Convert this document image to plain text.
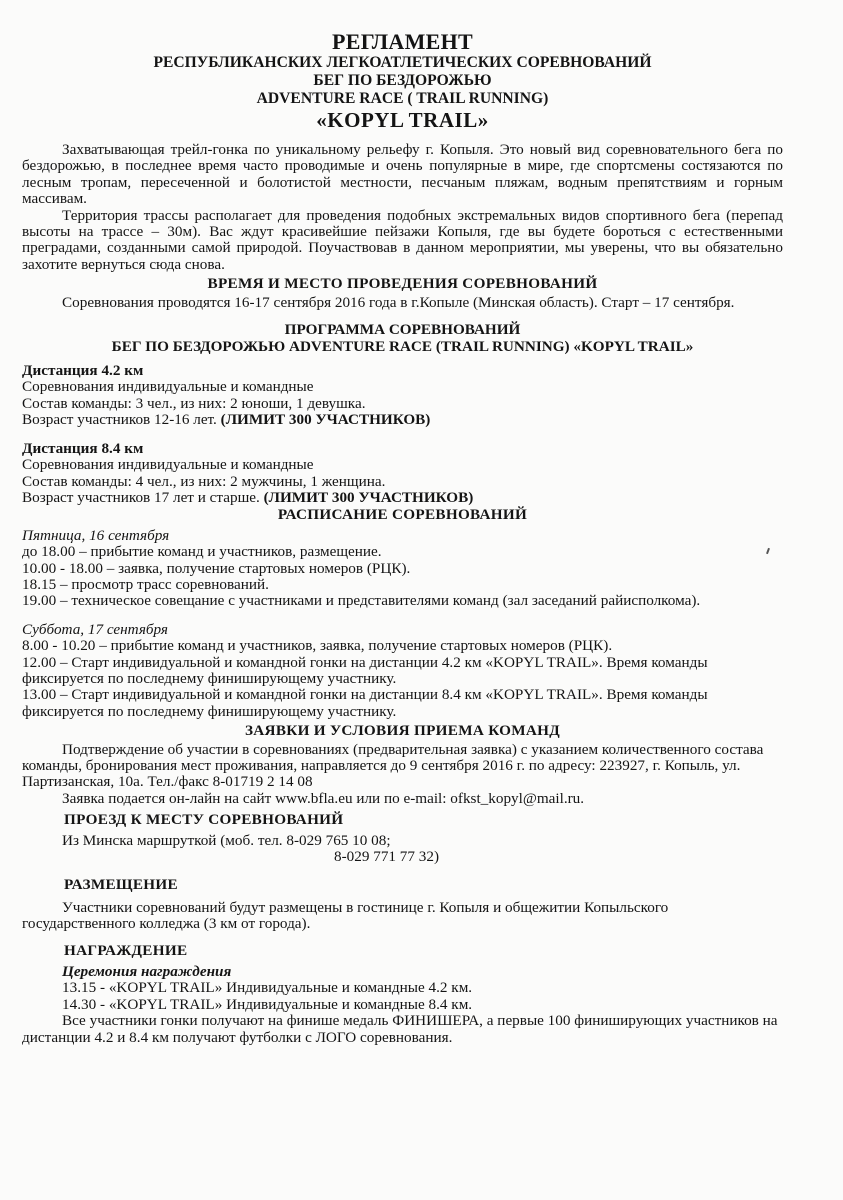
РЕГЛАМЕНТ
РЕСПУБЛИКАНСКИХ ЛЕГКОАТЛЕТИЧЕСКИХ СОРЕВНОВАНИЙ
БЕГ ПО БЕЗДОРОЖЬЮ
ADVENTURE RACE ( TRAIL RUNNING)
«KOPYL TRAIL»

Захватывающая трейл-гонка по уникальному рельефу г. Копыля. Это новый вид соревновательного бега по бездорожью, в последнее время часто проводимые и очень популярные в мире, где спортсмены состязаются по лесным тропам, пересеченной и болотистой местности, песчаным пляжам, водным препятствиям и горным массивам.

Территория трассы располагает для проведения подобных экстремальных видов спортивного бега (перепад высоты на трассе – 30м). Вас ждут красивейшие пейзажи Копыля, где вы будете бороться с естественными преградами, созданными самой природой. Поучаствовав в данном мероприятии, мы уверены, что вы обязательно захотите вернуться сюда снова.

ВРЕМЯ И МЕСТО ПРОВЕДЕНИЯ СОРЕВНОВАНИЙ

Соревнования проводятся 16-17 сентября 2016 года в г.Копыле (Минская область). Старт – 17 сентября.

ПРОГРАММА СОРЕВНОВАНИЙ
БЕГ ПО БЕЗДОРОЖЬЮ ADVENTURE RACE (TRAIL RUNNING) «KOPYL TRAIL»
Дистанция 4.2 км

Соревнования индивидуальные и командные

Состав команды: 3 чел., из них: 2 юноши, 1 девушка.

Возраст участников 12-16 лет. (ЛИМИТ 300 УЧАСТНИКОВ)

Дистанция 8.4 км

Соревнования индивидуальные и командные

Состав команды: 4 чел., из них: 2 мужчины, 1 женщина.

Возраст участников 17 лет и старше. (ЛИМИТ 300 УЧАСТНИКОВ)

РАСПИСАНИЕ СОРЕВНОВАНИЙ

Пятница, 16 сентября

до 18.00 – прибытие команд и участников, размещение.

10.00 - 18.00 – заявка, получение стартовых номеров (РЦК).

18.15 – просмотр трасс соревнований.

19.00 – техническое совещание с участниками и представителями команд (зал заседаний райисполкома).

Суббота, 17 сентября

8.00 - 10.20 – прибытие команд и участников, заявка, получение стартовых номеров (РЦК).

12.00 – Старт индивидуальной и командной гонки на дистанции 4.2 км «KOPYL TRAIL». Время команды фиксируется по последнему финиширующему участнику.

13.00 – Старт индивидуальной и командной гонки на дистанции 8.4 км «KOPYL TRAIL». Время команды фиксируется по последнему финиширующему участнику.

ЗАЯВКИ И УСЛОВИЯ ПРИЕМА КОМАНД

Подтверждение об участии в соревнованиях (предварительная заявка) с указанием количественного состава команды, бронирования мест проживания, направляется до 9 сентября 2016 г. по адресу: 223927, г. Копыль, ул. Партизанская, 10а. Тел./факс 8-01719 2 14 08

Заявка подается он-лайн на сайт www.bfla.eu или по e-mail: ofkst_kopyl@mail.ru.

ПРОЕЗД К МЕСТУ СОРЕВНОВАНИЙ

Из Минска маршруткой (моб. тел. 8-029 765 10 08;

8-029 771 77 32)

РАЗМЕЩЕНИЕ

Участники соревнований будут размещены в гостинице г. Копыля и общежитии Копыльского государственного колледжа (3 км от города).

НАГРАЖДЕНИЕ

Церемония награждения

13.15 - «KOPYL TRAIL» Индивидуальные и командные 4.2 км.

14.30 - «KOPYL TRAIL» Индивидуальные и командные 8.4 км.

Все участники гонки получают на финише медаль ФИНИШЕРА, а первые 100 финиширующих участников на дистанции 4.2 и 8.4 км получают футболки с ЛОГО соревнования.
